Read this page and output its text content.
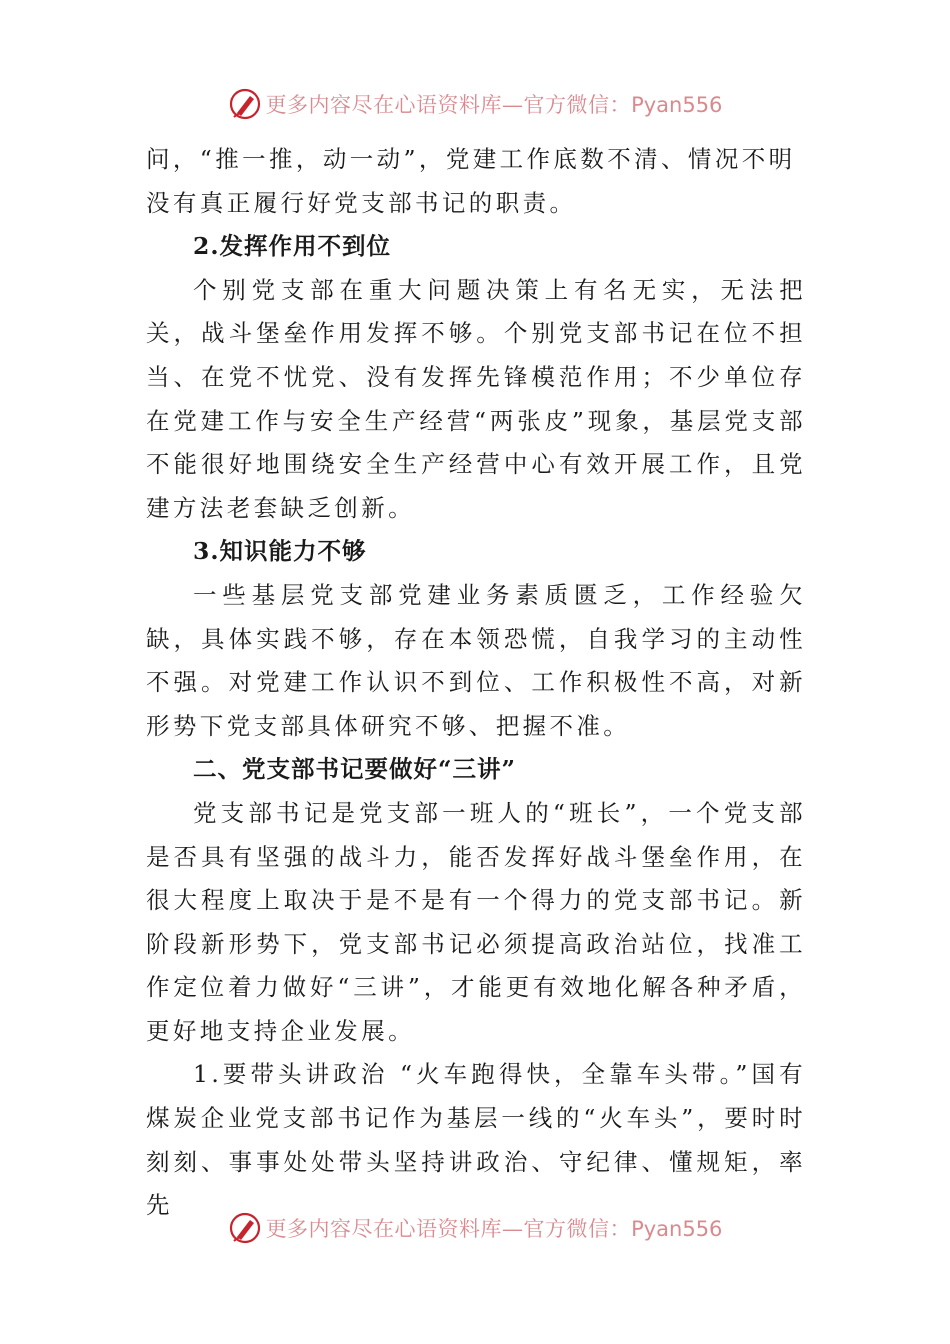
更多内容尽在心语资料库—官方微信：Pyan556

问，“推一推，动一动”，党建工作底数不清、情况不明

没有真正履行好党支部书记的职责。

2.发挥作用不到位

个别党支部在重大问题决策上有名无实，无法把关，战斗堡垒作用发挥不够。个别党支部书记在位不担当、在党不忧党、没有发挥先锋模范作用；不少单位存在党建工作与安全生产经营“两张皮”现象，基层党支部不能很好地围绕安全生产经营中心有效开展工作，且党建方法老套缺乏创新。

3.知识能力不够

一些基层党支部党建业务素质匮乏，工作经验欠缺，具体实践不够，存在本领恐慌，自我学习的主动性不强。对党建工作认识不到位、工作积极性不高，对新形势下党支部具体研究不够、把握不准。

二、党支部书记要做好“三讲”

党支部书记是党支部一班人的“班长”，一个党支部是否具有坚强的战斗力，能否发挥好战斗堡垒作用，在很大程度上取决于是不是有一个得力的党支部书记。新阶段新形势下，党支部书记必须提高政治站位，找准工作定位着力做好“三讲”，才能更有效地化解各种矛盾，更好地支持企业发展。

1.要带头讲政治 “火车跑得快，全靠车头带。”国有煤炭企业党支部书记作为基层一线的“火车头”，要时时刻刻、事事处处带头坚持讲政治、守纪律、懂规矩，率先

更多内容尽在心语资料库—官方微信：Pyan556
